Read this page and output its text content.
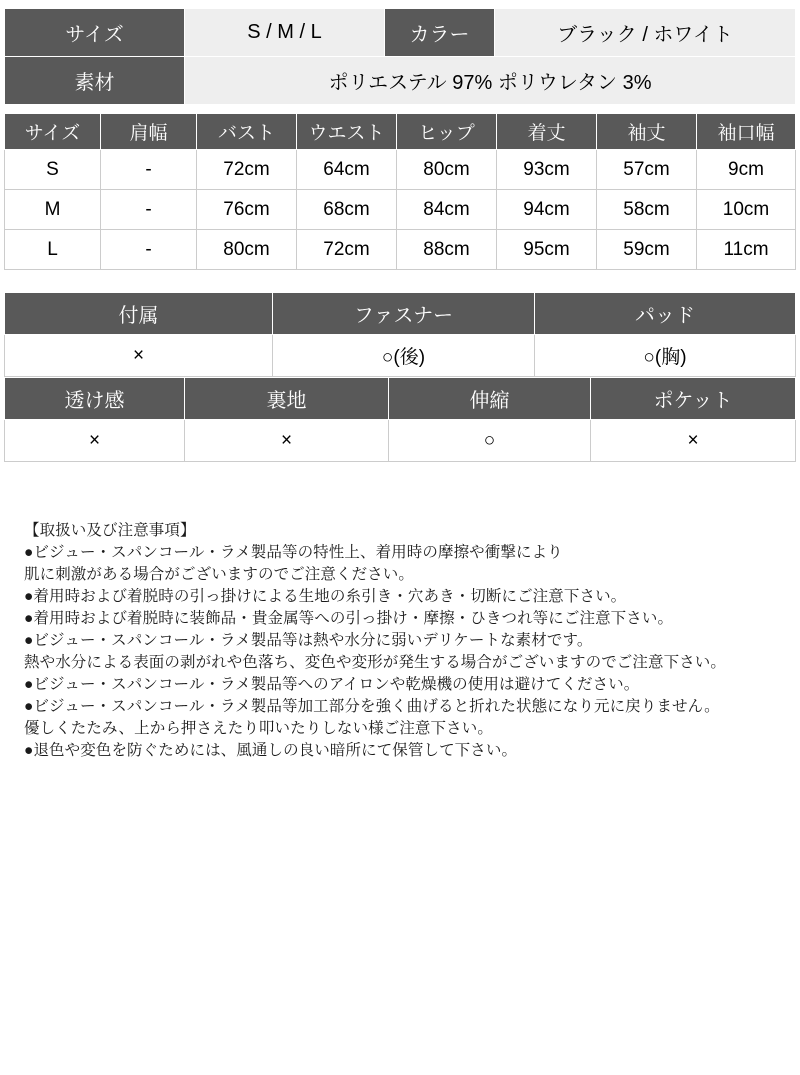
サイズ	S / M / L	カラー	ブラック / ホワイト
素材	ポリエステル 97% ポリウレタン 3%		
サイズ	肩幅	バスト	ウエスト	ヒップ	着丈	袖丈	袖口幅
S	-	72cm	64cm	80cm	93cm	57cm	9cm
M	-	76cm	68cm	84cm	94cm	58cm	10cm
L	-	80cm	72cm	88cm	95cm	59cm	11cm
付属	ファスナー	パッド
×	○(後)	○(胸)
透け感	裏地	伸縮	ポケット
×	×	○	×
【取扱い及び注意事項】
●ビジュー・スパンコール・ラメ製品等の特性上、着用時の摩擦や衝撃により
肌に刺激がある場合がございますのでご注意ください。
●着用時および着脱時の引っ掛けによる生地の糸引き・穴あき・切断にご注意下さい。
●着用時および着脱時に装飾品・貴金属等への引っ掛け・摩擦・ひきつれ等にご注意下さい。
●ビジュー・スパンコール・ラメ製品等は熱や水分に弱いデリケートな素材です。
熱や水分による表面の剥がれや色落ち、変色や変形が発生する場合がございますのでご注意下さい。
●ビジュー・スパンコール・ラメ製品等へのアイロンや乾燥機の使用は避けてください。
●ビジュー・スパンコール・ラメ製品等加工部分を強く曲げると折れた状態になり元に戻りません。
優しくたたみ、上から押さえたり叩いたりしない様ご注意下さい。
●退色や変色を防ぐためには、風通しの良い暗所にて保管して下さい。
